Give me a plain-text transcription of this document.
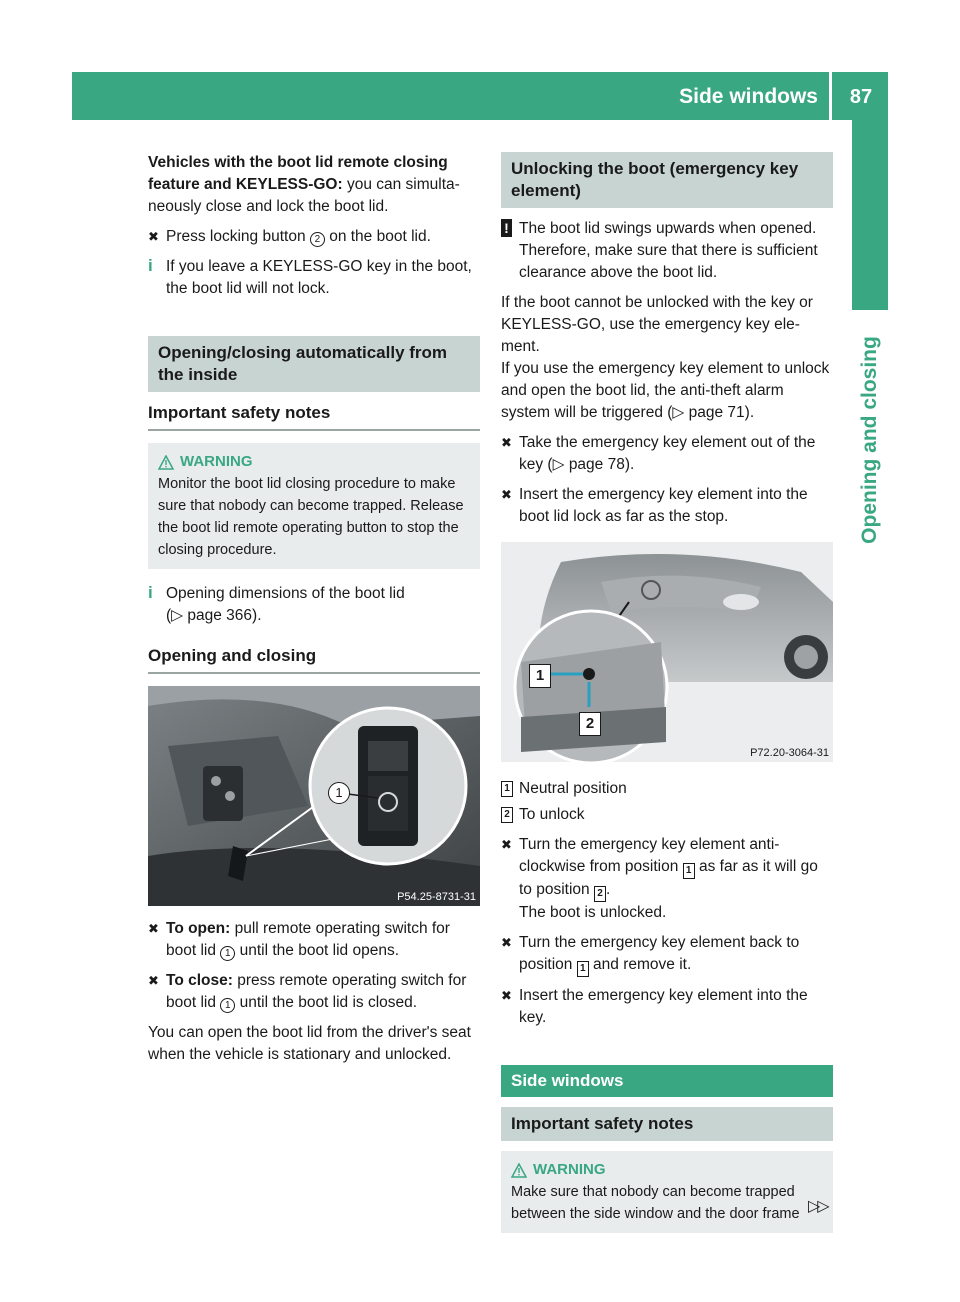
Side windows	87
Opening and closing

Vehicles with the boot lid remote closing feature and KEYLESS-GO: you can simulta-neously close and lock the boot lid.

✖ Press locking button 2 on the boot lid.

i If you leave a KEYLESS-GO key in the boot, the boot lid will not lock.

Opening/closing automatically from the inside
Important safety notes
WARNING

Monitor the boot lid closing procedure to make sure that nobody can become trapped. Release the boot lid remote operating button to stop the closing procedure.

i Opening dimensions of the boot lid

(▷ page 366).

Opening and closing
1
P54.25-8731-31

✖ To open: pull remote operating switch for boot lid 1 until the boot lid opens.

✖ To close: press remote operating switch for boot lid 1 until the boot lid is closed.

You can open the boot lid from the driver's seat when the vehicle is stationary and unlocked.

Unlocking the boot (emergency key element)

! The boot lid swings upwards when opened. Therefore, make sure that there is sufficient clearance above the boot lid.

If the boot cannot be unlocked with the key or KEYLESS-GO, use the emergency key ele-ment.

If you use the emergency key element to unlock and open the boot lid, the anti-theft alarm system will be triggered (▷ page 71).

✖ Take the emergency key element out of the key (▷ page 78).

✖ Insert the emergency key element into the boot lid lock as far as the stop.

1
2
P72.20-3064-31

1 Neutral position

2 To unlock

✖ Turn the emergency key element anti-clockwise from position 1 as far as it will go to position 2 .

The boot is unlocked.

✖ Turn the emergency key element back to position 1 and remove it.

✖ Insert the emergency key element into the key.

Side windows
Important safety notes
WARNING

Make sure that nobody can become trapped between the side window and the door frame ▷▷
